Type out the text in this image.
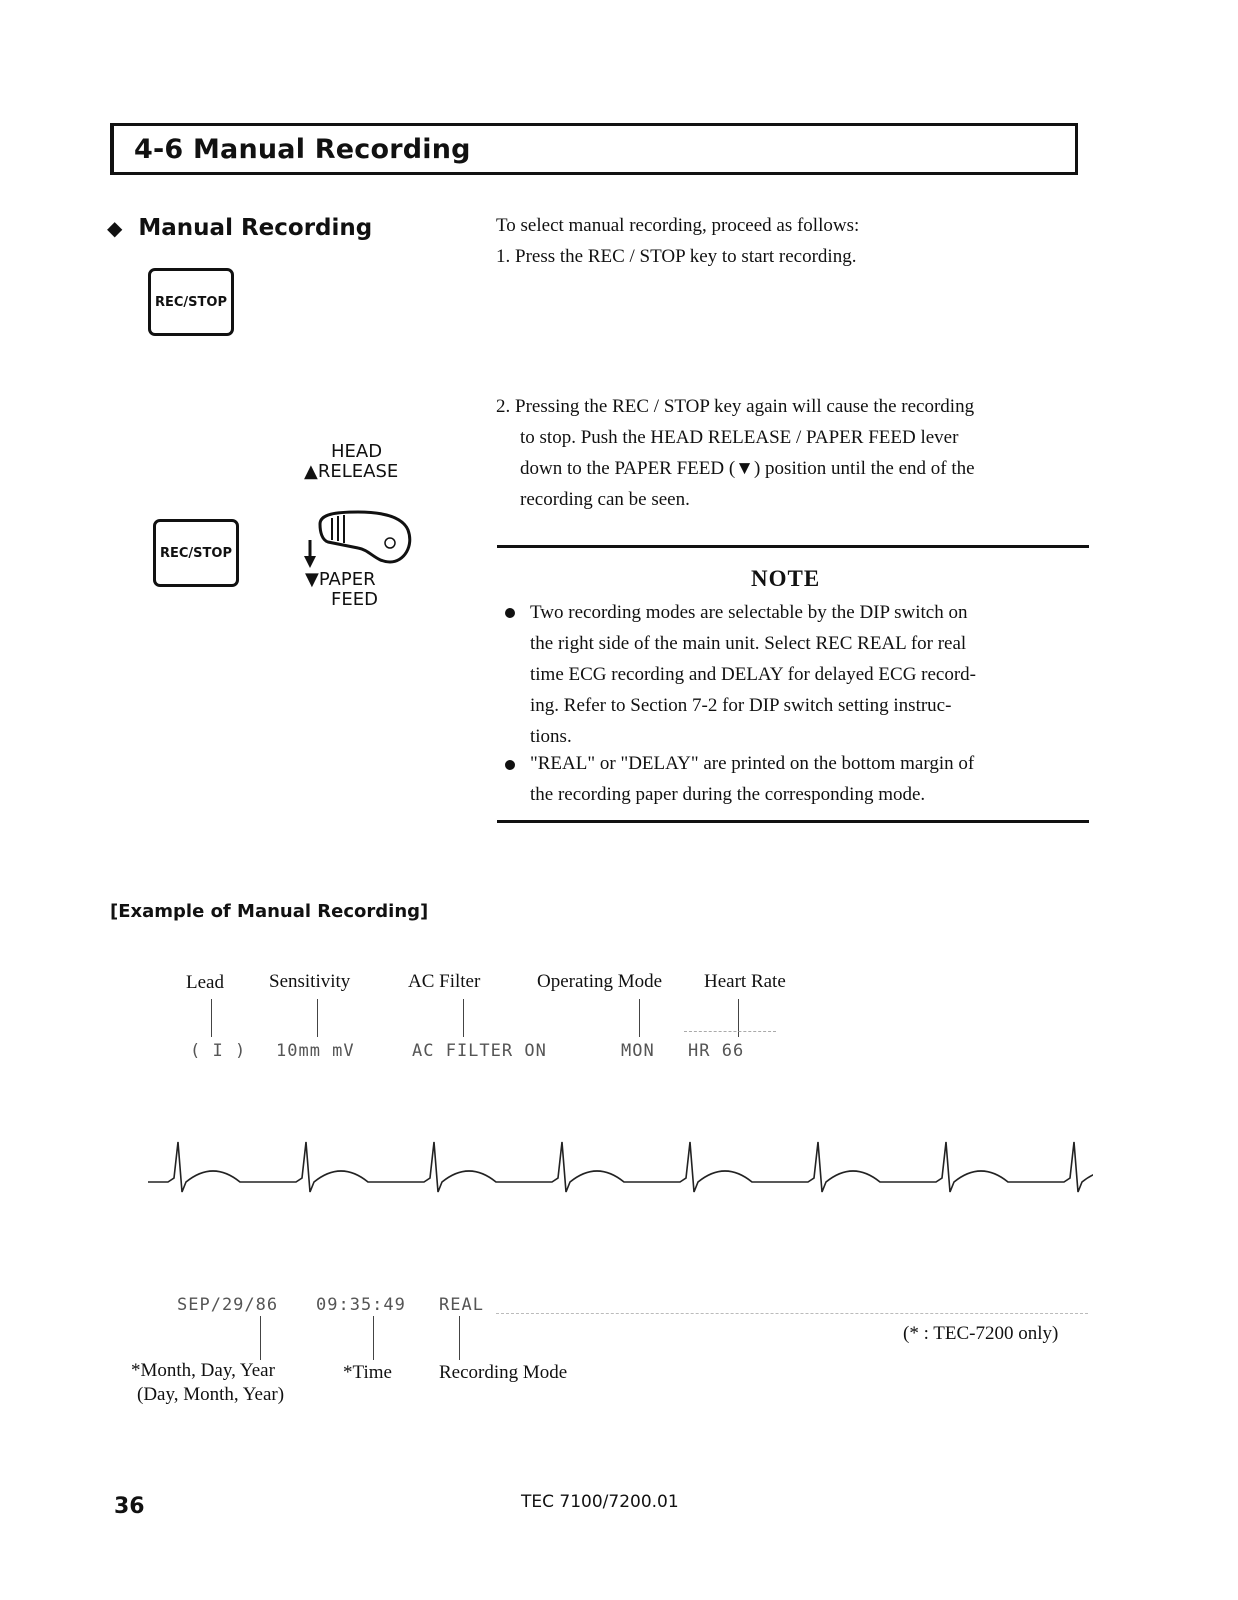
4-6 Manual Recording
◆ Manual Recording
REC/STOP
To select manual recording, proceed as follows:
1. Press the REC / STOP key to start recording.
2. Pressing the REC / STOP key again will cause the recording
to stop. Push the HEAD RELEASE / PAPER FEED lever
down to the PAPER FEED (▼) position until the end of the
recording can be seen.
HEAD
▲RELEASE
REC/STOP
▼PAPER
FEED
NOTE
Two recording modes are selectable by the DIP switch on
the right side of the main unit. Select REC REAL for real
time ECG recording and DELAY for delayed ECG record-
ing. Refer to Section 7-2 for DIP switch setting instruc-
tions.
"REAL" or "DELAY" are printed on the bottom margin of
the recording paper during the corresponding mode.
[Example of Manual Recording]
Lead Sensitivity	AC Filter	Operating Mode Heart Rate
( I ) 10mm mV	AC FILTER ON	MON HR 66
SEP/29/86 09:35:49 REAL
*Month, Day, Year
(Day, Month, Year)
*Time Recording Mode
(* : TEC-7200 only)
36	TEC 7100/7200.01
